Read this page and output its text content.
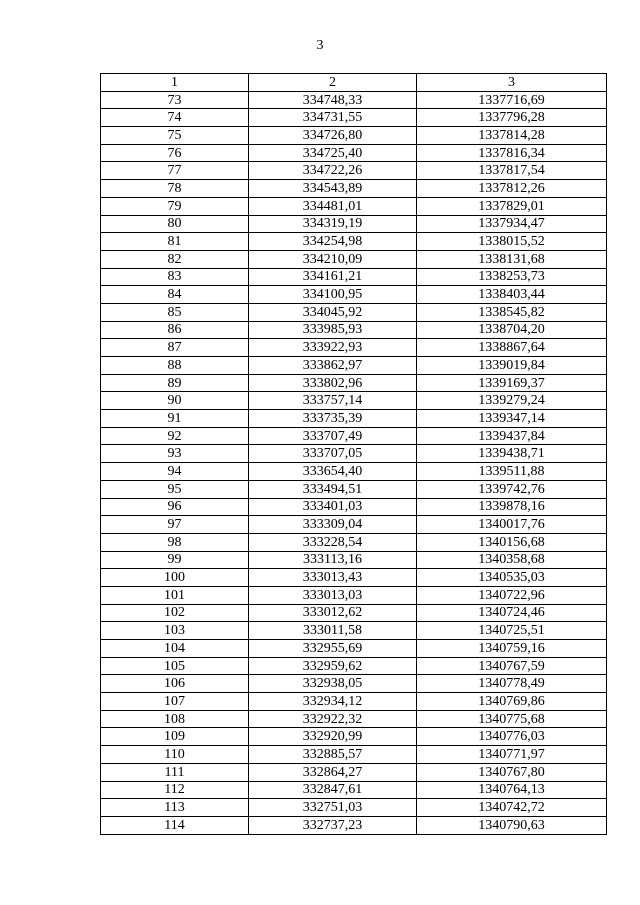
3
1	2	3
73	334748,33	1337716,69
74	334731,55	1337796,28
75	334726,80	1337814,28
76	334725,40	1337816,34
77	334722,26	1337817,54
78	334543,89	1337812,26
79	334481,01	1337829,01
80	334319,19	1337934,47
81	334254,98	1338015,52
82	334210,09	1338131,68
83	334161,21	1338253,73
84	334100,95	1338403,44
85	334045,92	1338545,82
86	333985,93	1338704,20
87	333922,93	1338867,64
88	333862,97	1339019,84
89	333802,96	1339169,37
90	333757,14	1339279,24
91	333735,39	1339347,14
92	333707,49	1339437,84
93	333707,05	1339438,71
94	333654,40	1339511,88
95	333494,51	1339742,76
96	333401,03	1339878,16
97	333309,04	1340017,76
98	333228,54	1340156,68
99	333113,16	1340358,68
100	333013,43	1340535,03
101	333013,03	1340722,96
102	333012,62	1340724,46
103	333011,58	1340725,51
104	332955,69	1340759,16
105	332959,62	1340767,59
106	332938,05	1340778,49
107	332934,12	1340769,86
108	332922,32	1340775,68
109	332920,99	1340776,03
110	332885,57	1340771,97
111	332864,27	1340767,80
112	332847,61	1340764,13
113	332751,03	1340742,72
114	332737,23	1340790,63
